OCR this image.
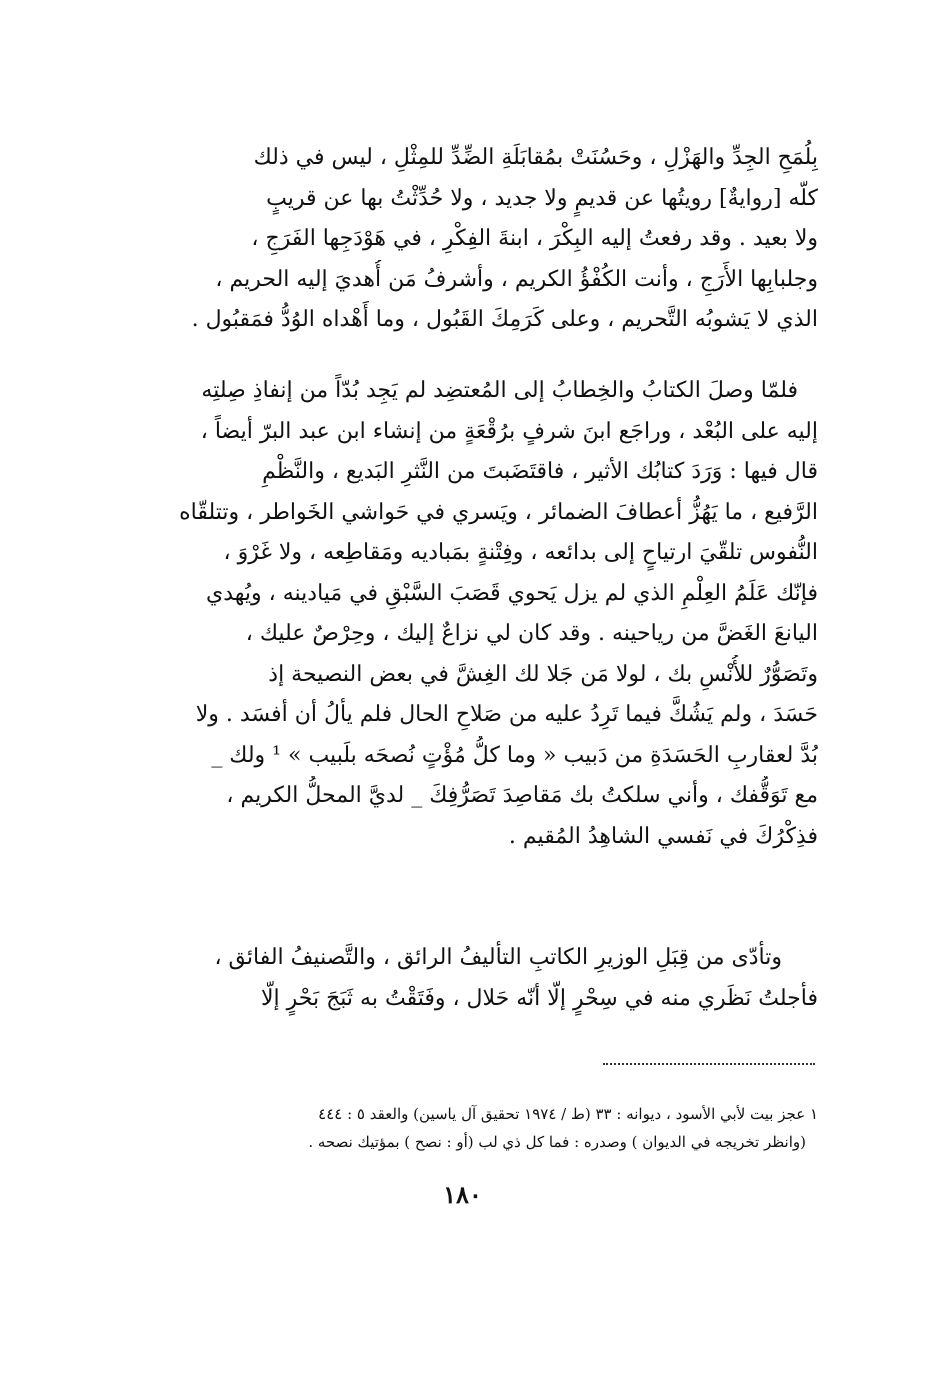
بِلُمَحِ الجِدِّ والهَزْلِ ، وحَسُنَتْ بمُقابَلَةِ الضِّدِّ للمِثْلِ ، ليس في ذلك
كلّه [روايةٌ] رويتُها عن قديمٍ ولا جديد ، ولا حُدِّثْتُ بها عن قريبٍ
ولا بعيد . وقد رفعتُ إليه البِكْرَ ، ابنةَ الفِكْرِ ، في هَوْدَجِها الفَرَجِ ،
وجلبابِها الأَرَجِ ، وأنت الكُفْؤُ الكريم ، وأشرفُ مَن أُهديَ إليه الحريم ،
الذي لا يَشوبُه التَّحريم ، وعلى كَرَمِكَ القَبُول ، وما أَهْداه الوُدُّ فمَقبُول .
فلمّا وصلَ الكتابُ والخِطابُ إلى المُعتضِد لم يَجِد بُدّاً من إنفاذِ صِلتِه
إليه على البُعْد ، وراجَع ابنَ شرفٍ برُقْعَةٍ من إنشاء ابن عبد البرّ أيضاً ،
قال فيها : وَرَدَ كتابُك الأثير ، فاقتَضَبتَ من النَّثرِ البَديع ، والنَّظْمِ
الرَّفيع ، ما يَهُزُّ أعطافَ الضمائر ، ويَسري في حَواشي الخَواطر ، وتتلقّاه
النُّفوس تلقّيَ ارتياحٍ إلى بدائعه ، وفِتْنةٍ بمَباديه ومَقاطِعه ، ولا غَرْوَ ،
فإنّك عَلَمُ العِلْمِ الذي لم يزل يَحوي قَصَبَ السَّبْقِ في مَيادينه ، ويُهدي
اليانعَ الغَضَّ من رياحينه . وقد كان لي نزاعٌ إليك ، وحِرْصٌ عليك ،
وتَصَوُّرٌ للأُنْسِ بك ، لولا مَن جَلا لك الغِشَّ في بعض النصيحة إذ
حَسَدَ ، ولم يَشُكَّ فيما تَرِدُ عليه من صَلاحِ الحال فلم يألُ أن أفسَد . ولا
بُدَّ لعقاربِ الحَسَدَةِ من دَبيب « وما كلُّ مُؤْتٍ نُصحَه بلَبيب » ¹ ولك _
مع تَوَقُّفك ، وأني سلكتُ بك مَقاصِدَ تَصَرُّفِكَ _ لديَّ المحلُّ الكريم ،
فذِكْرُكَ في نَفسي الشاهِدُ المُقيم .
وتأدّى من قِبَلِ الوزيرِ الكاتبِ التأليفُ الرائق ، والتَّصنيفُ الفائق ،
فأجلتُ نَظَري منه في سِحْرٍ إلّا أنّه حَلال ، وفَتَقْتُ به ثَبَجَ بَحْرٍ إلّا
١ عجز بيت لأبي الأسود ، ديوانه : ٣٣ (ط / ١٩٧٤ تحقيق آل ياسين) والعقد ٥ : ٤٤٤
(وانظر تخريجه في الديوان ) وصدره : فما كل ذي لب (أو : نصح ) بمؤتيك نصحه .
١٨٠
